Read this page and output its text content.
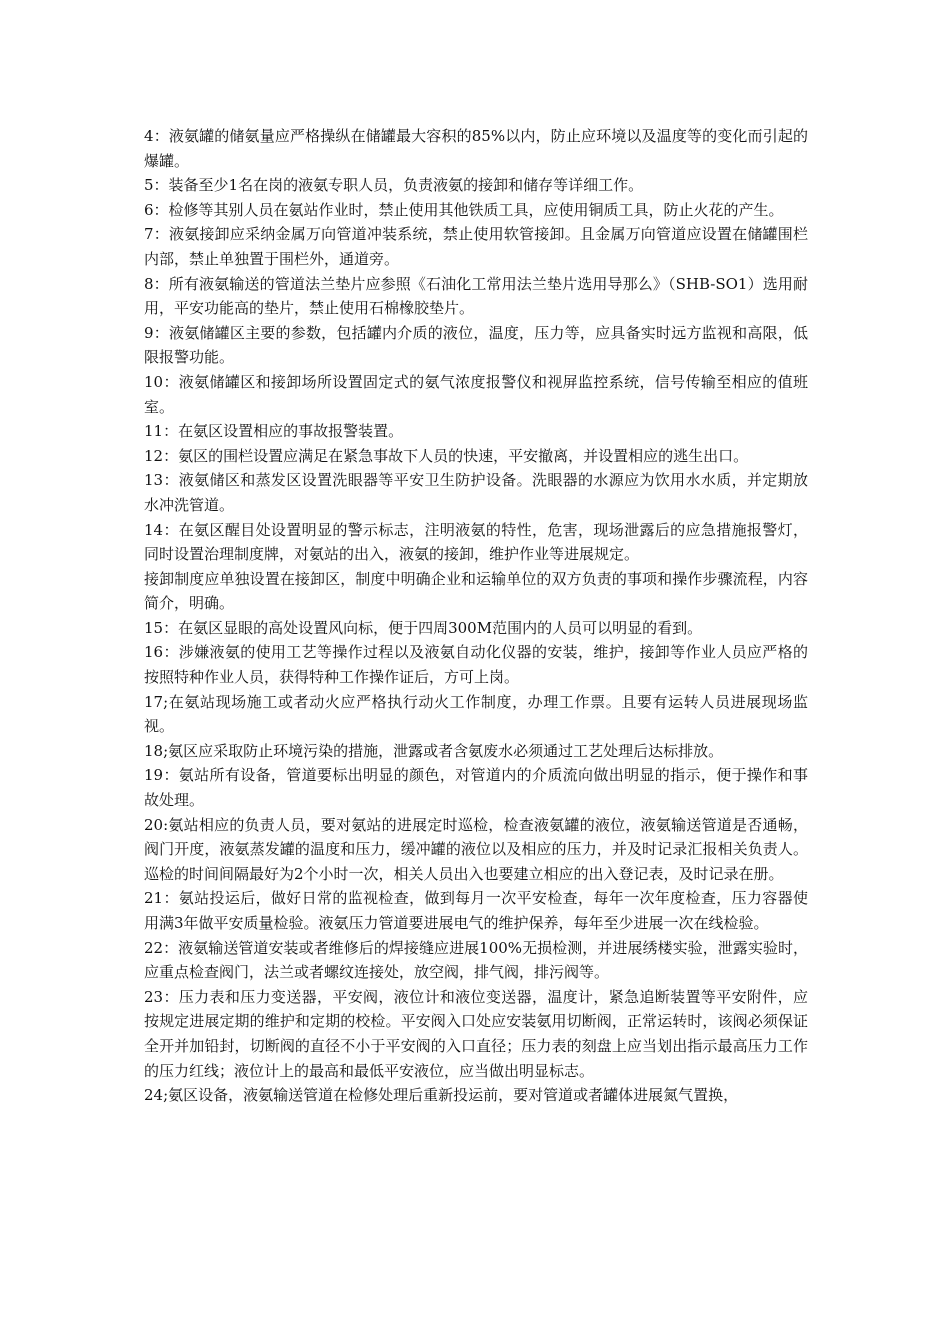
4：液氨罐的储氨量应严格操纵在储罐最大容积的85%以内，防止应环境以及温度等的变化而引起的爆罐。

5：装备至少1名在岗的液氨专职人员，负责液氨的接卸和储存等详细工作。

6：检修等其别人员在氨站作业时，禁止使用其他铁质工具，应使用铜质工具，防止火花的产生。

7：液氨接卸应采纳金属万向管道冲装系统，禁止使用软管接卸。且金属万向管道应设置在储罐围栏内部，禁止单独置于围栏外，通道旁。

8：所有液氨输送的管道法兰垫片应参照《石油化工常用法兰垫片选用导那么》（SHB-SO1）选用耐用，平安功能高的垫片，禁止使用石棉橡胶垫片。

9：液氨储罐区主要的参数，包括罐内介质的液位，温度，压力等，应具备实时远方监视和高限，低限报警功能。

10：液氨储罐区和接卸场所设置固定式的氨气浓度报警仪和视屏监控系统，信号传输至相应的值班室。

11：在氨区设置相应的事故报警装置。

12：氨区的围栏设置应满足在紧急事故下人员的快速，平安撤离，并设置相应的逃生出口。

13：液氨储区和蒸发区设置洗眼器等平安卫生防护设备。洗眼器的水源应为饮用水水质，并定期放水冲洗管道。

14：在氨区醒目处设置明显的警示标志，注明液氨的特性，危害，现场泄露后的应急措施报警灯，同时设置治理制度牌，对氨站的出入，液氨的接卸，维护作业等进展规定。

接卸制度应单独设置在接卸区，制度中明确企业和运输单位的双方负责的事项和操作步骤流程，内容简介，明确。

15：在氨区显眼的高处设置风向标，便于四周300M范围内的人员可以明显的看到。

16：涉嫌液氨的使用工艺等操作过程以及液氨自动化仪器的安装，维护，接卸等作业人员应严格的按照特种作业人员，获得特种工作操作证后，方可上岗。

17;在氨站现场施工或者动火应严格执行动火工作制度，办理工作票。且要有运转人员进展现场监视。

18;氨区应采取防止环境污染的措施，泄露或者含氨废水必须通过工艺处理后达标排放。

19：氨站所有设备，管道要标出明显的颜色，对管道内的介质流向做出明显的指示，便于操作和事故处理。

20:氨站相应的负责人员，要对氨站的进展定时巡检，检查液氨罐的液位，液氨输送管道是否通畅，阀门开度，液氨蒸发罐的温度和压力，缓冲罐的液位以及相应的压力，并及时记录汇报相关负责人。巡检的时间间隔最好为2个小时一次，相关人员出入也要建立相应的出入登记表，及时记录在册。

21：氨站投运后，做好日常的监视检查，做到每月一次平安检查，每年一次年度检查，压力容器使用满3年做平安质量检验。液氨压力管道要进展电气的维护保养，每年至少进展一次在线检验。

22：液氨输送管道安装或者维修后的焊接缝应进展100%无损检测，并进展绣楼实验，泄露实验时，应重点检查阀门，法兰或者螺纹连接处，放空阀，排气阀，排污阀等。

23：压力表和压力变送器，平安阀，液位计和液位变送器，温度计，紧急追断装置等平安附件，应按规定进展定期的维护和定期的校检。平安阀入口处应安装氨用切断阀，正常运转时，该阀必须保证全开并加铅封，切断阀的直径不小于平安阀的入口直径；压力表的刻盘上应当划出指示最高压力工作的压力红线；液位计上的最高和最低平安液位，应当做出明显标志。

24;氨区设备，液氨输送管道在检修处理后重新投运前，要对管道或者罐体进展氮气置换，
